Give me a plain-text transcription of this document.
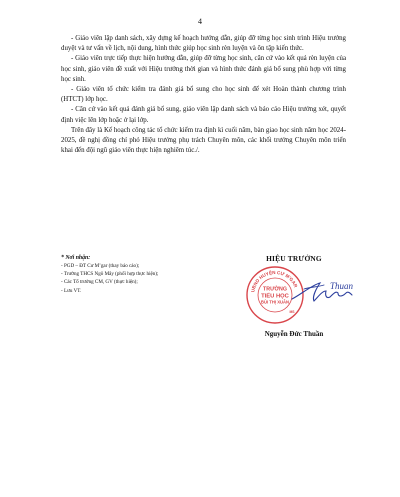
4

- Giáo viên lập danh sách, xây dựng kế hoạch hướng dẫn, giúp đỡ từng học sinh trình Hiệu trưởng duyệt và tư vấn về lịch, nội dung, hình thức giúp học sinh rèn luyện và ôn tập kiến thức.

- Giáo viên trực tiếp thực hiện hướng dẫn, giúp đỡ từng học sinh, căn cứ vào kết quả rèn luyện của học sinh, giáo viên đề xuất với Hiệu trưởng thời gian và hình thức đánh giá bổ sung phù hợp với từng học sinh.

- Giáo viên tổ chức kiểm tra đánh giá bổ sung cho học sinh để xét Hoàn thành chương trình (HTCT) lớp học.

- Căn cứ vào kết quả đánh giá bổ sung, giáo viên lập danh sách và báo cáo Hiệu trưởng xét, quyết định việc lên lớp hoặc ở lại lớp.

Trên đây là Kế hoạch công tác tổ chức kiểm tra định kì cuối năm, bàn giao học sinh năm học 2024-2025, đề nghị đồng chí phó Hiệu trưởng phụ trách Chuyên môn, các khối trưởng Chuyên môn triển khai đến đội ngũ giáo viên thực hiện nghiêm túc./.

* Nơi nhận:
- PGD – ĐT Cư M’gar (thay báo cáo);
- Trường THCS Ngô Mây (phối hợp thực hiện);
- Các Tổ trưởng CM, GV (thực hiện);
- Lưu VT.
HIỆU TRƯỞNG
UBND HUYỆN CƯ M'GAR
TRƯỜNG
TIỂU HỌC
BÙI THỊ XUÂN
MS
Thuan
Nguyễn Đức Thuần
